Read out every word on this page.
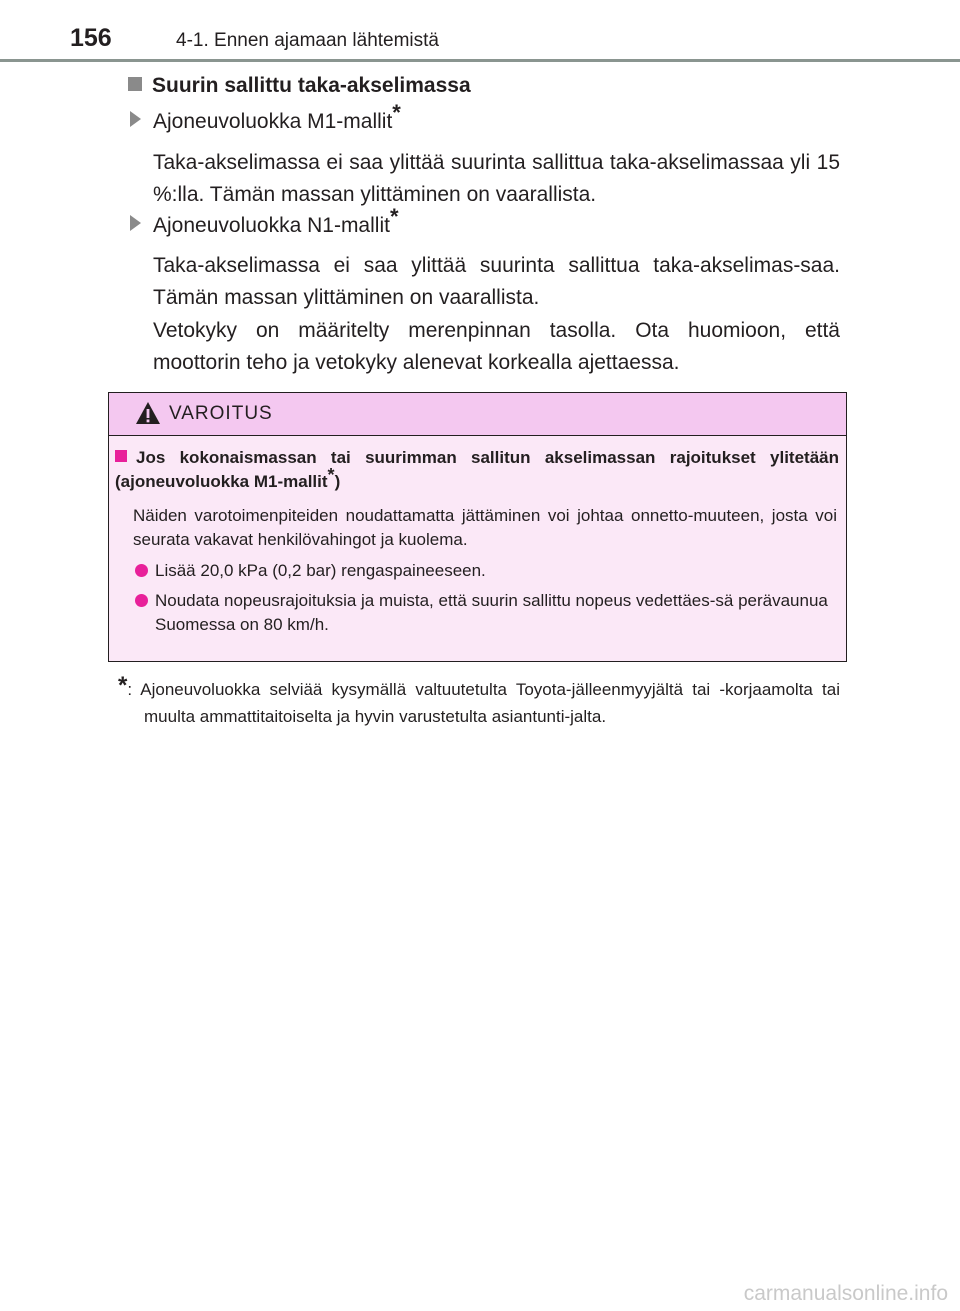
156	4-1. Ennen ajamaan lähtemistä
Suurin sallittu taka-akselimassa
Ajoneuvoluokka M1-mallit*

Taka-akselimassa ei saa ylittää suurinta sallittua taka-akselimassaa yli 15 %:lla. Tämän massan ylittäminen on vaarallista.

Ajoneuvoluokka N1-mallit*

Taka-akselimassa ei saa ylittää suurinta sallittua taka-akselimas-saa. Tämän massan ylittäminen on vaarallista.

Vetokyky on määritelty merenpinnan tasolla. Ota huomioon, että moottorin teho ja vetokyky alenevat korkealla ajettaessa.

VAROITUS
Jos kokonaismassan tai suurimman sallitun akselimassan rajoitukset ylitetään (ajoneuvoluokka M1-mallit*)

Näiden varotoimenpiteiden noudattamatta jättäminen voi johtaa onnetto-muuteen, josta voi seurata vakavat henkilövahingot ja kuolema.

Lisää 20,0 kPa (0,2 bar) rengaspaineeseen.
Noudata nopeusrajoituksia ja muista, että suurin sallittu nopeus vedettäes-sä perävaunua Suomessa on 80 km/h.
*: Ajoneuvoluokka selviää kysymällä valtuutetulta Toyota-jälleenmyyjältä tai -korjaamolta tai muulta ammattitaitoiselta ja hyvin varustetulta asiantunti-jalta.
carmanualsonline.info
